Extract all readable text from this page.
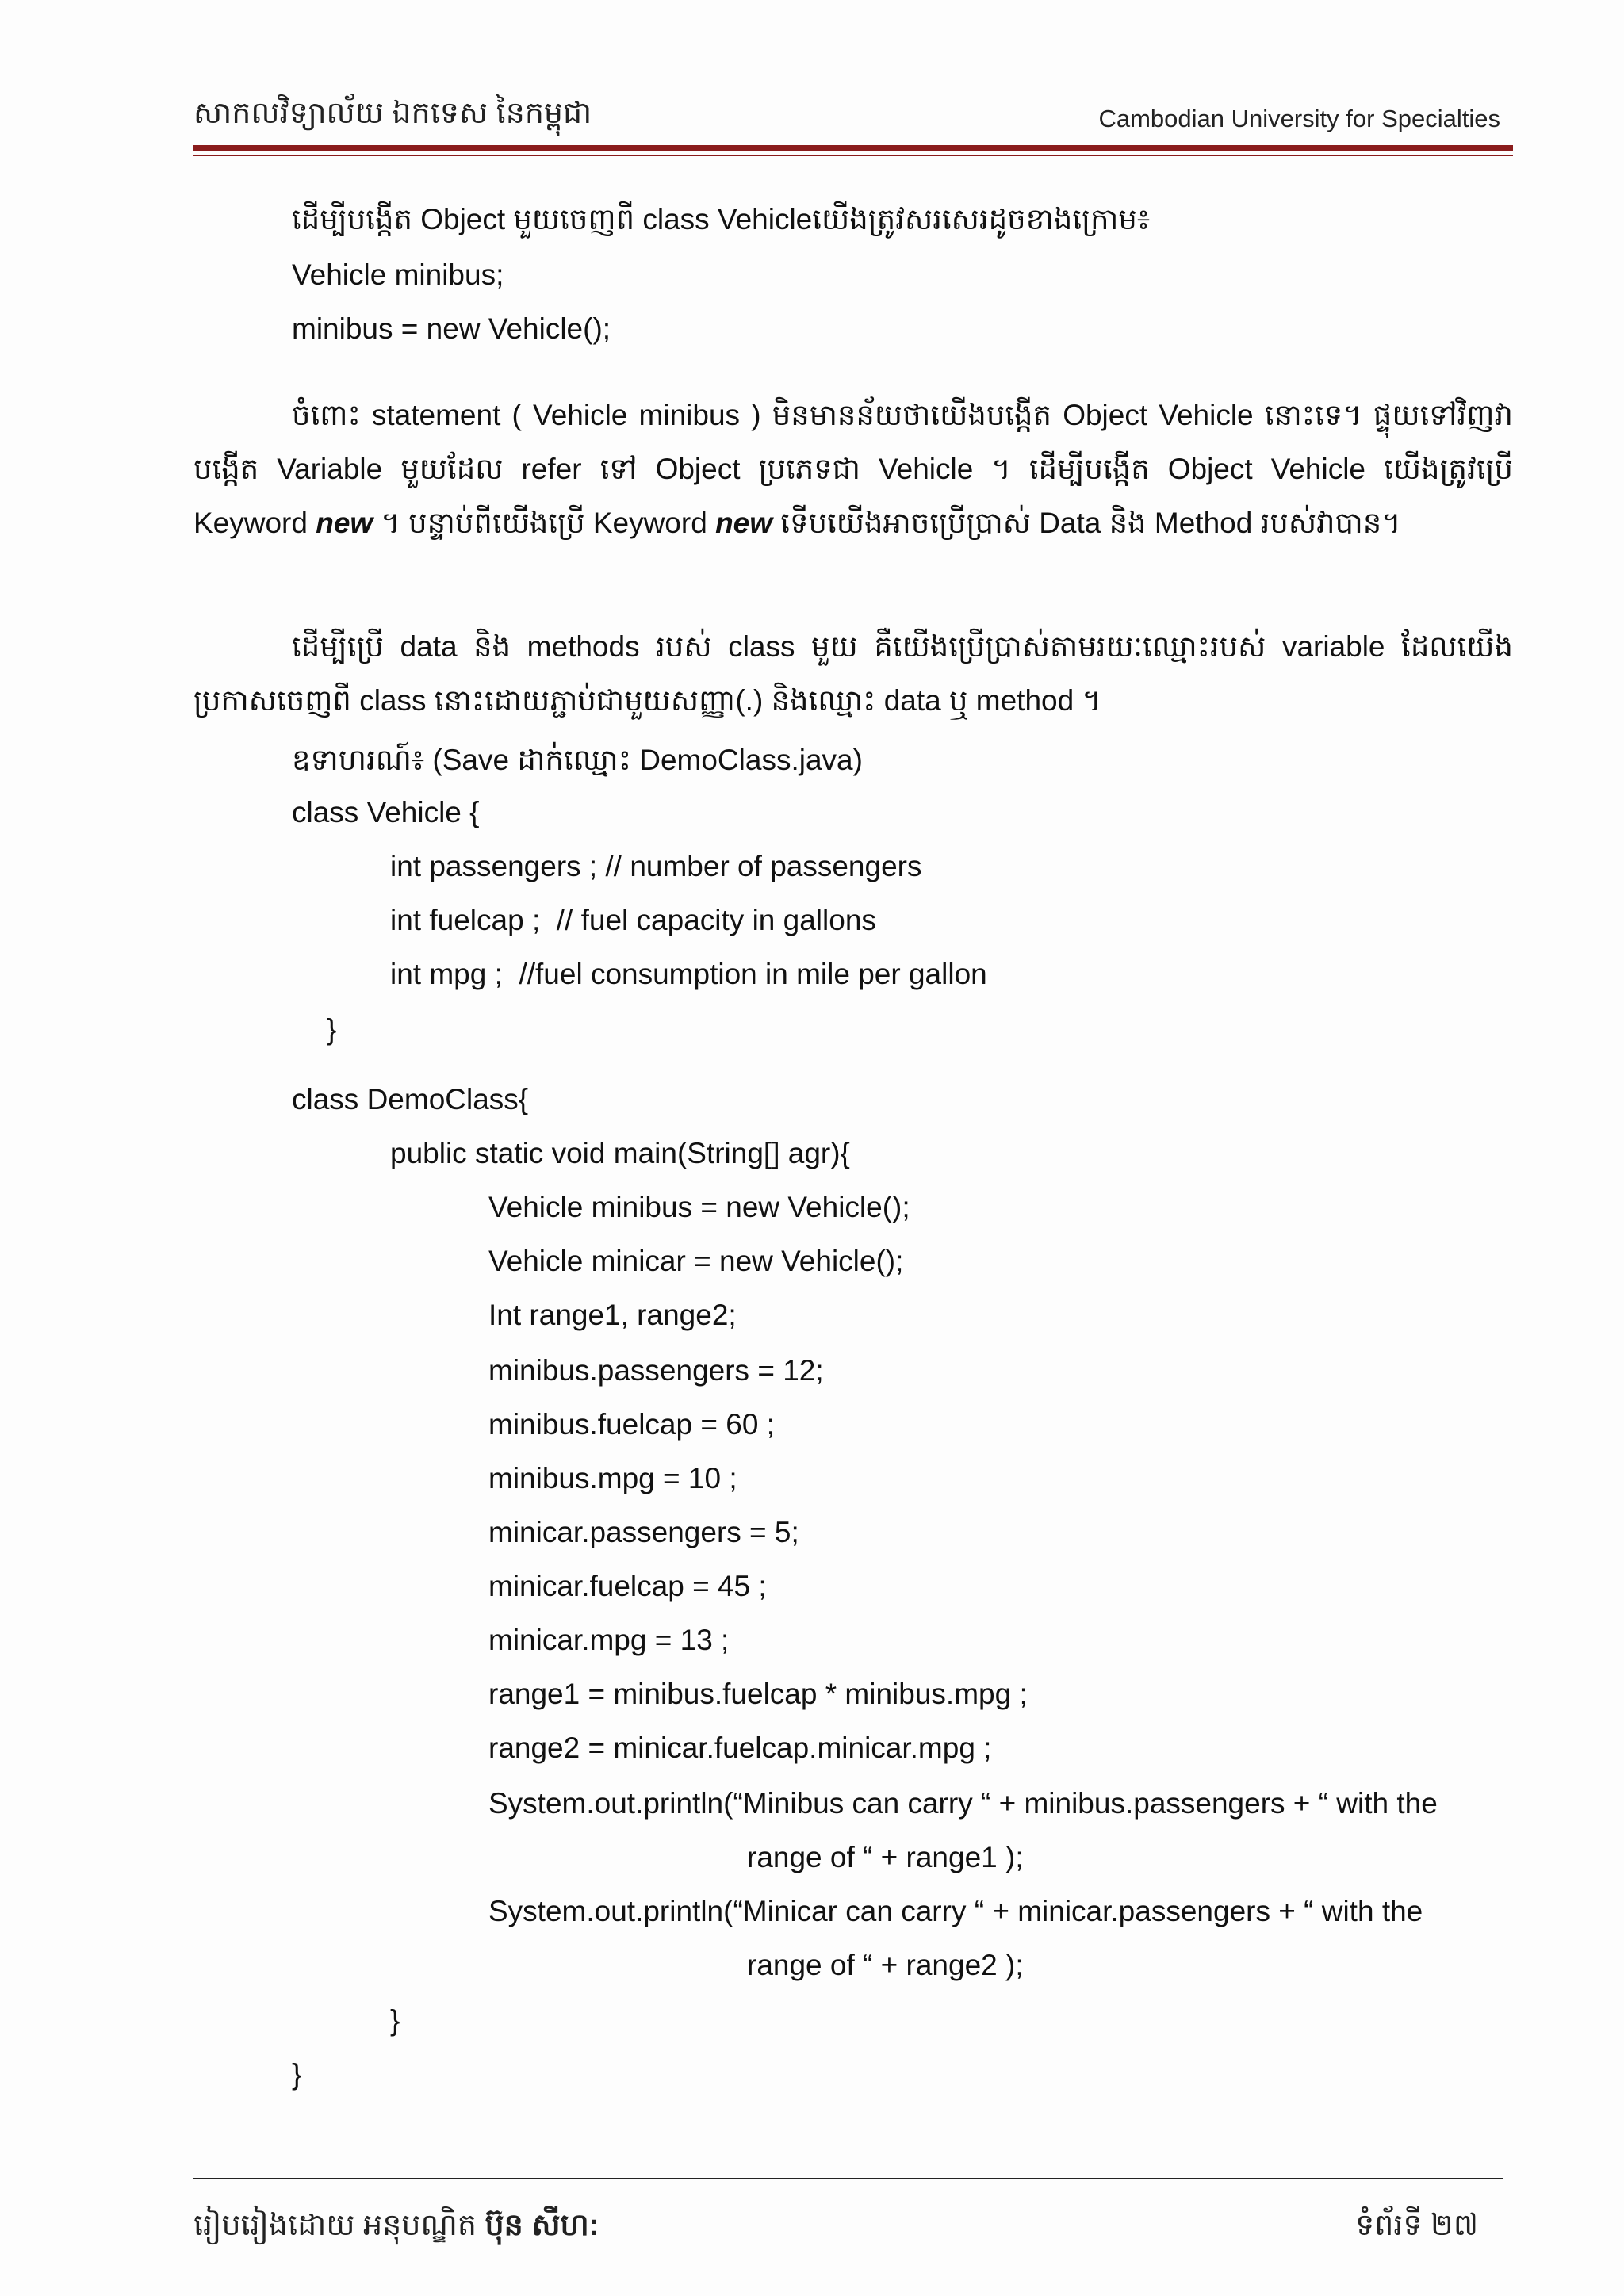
សាកលវិទ្យាល័យ ឯកទេស នៃកម្ពុជា	Cambodian University for Specialties
ដើម្បីបង្កើត Object មួយចេញពី class Vehicleយើងត្រូវសរសេរដូចខាងក្រោម៖
Vehicle minibus;
minibus = new Vehicle();
ចំពោះ statement ( Vehicle minibus ) មិនមានន័យថាយើងបង្កើត Object Vehicle នោះទេ។ ផ្ទុយទៅវិញវាបង្កើត Variable មួយដែល refer ទៅ Object ប្រភេទជា Vehicle ។ ដើម្បីបង្កើត Object Vehicle យើងត្រូវប្រើ Keyword new ។ បន្ទាប់ពីយើងប្រើ Keyword new ទើបយើងអាចប្រើប្រាស់ Data និង Method របស់វាបាន។
ដើម្បីប្រើ data និង methods របស់ class មួយ គឺយើងប្រើប្រាស់តាមរយៈឈ្មោះរបស់ variable ដែលយើងប្រកាសចេញពី class នោះដោយភ្ជាប់ជាមួយសញ្ញា(.) និងឈ្មោះ data ឬ method ។
ឧទាហរណ៍៖ (Save ដាក់ឈ្មោះ DemoClass.java)
class Vehicle {
int passengers ; // number of passengers
int fuelcap ;  // fuel capacity in gallons
int mpg ;  //fuel consumption in mile per gallon
}
class DemoClass{
public static void main(String[] agr){
Vehicle minibus = new Vehicle();
Vehicle minicar = new Vehicle();
Int range1, range2;
minibus.passengers = 12;
minibus.fuelcap = 60 ;
minibus.mpg = 10 ;
minicar.passengers = 5;
minicar.fuelcap = 45 ;
minicar.mpg = 13 ;
range1 = minibus.fuelcap * minibus.mpg ;
range2 = minicar.fuelcap.minicar.mpg ;
System.out.println(“Minibus can carry “ + minibus.passengers + “ with the
range of “ + range1 );
System.out.println(“Minicar can carry “ + minicar.passengers + “ with the
range of “ + range2 );
}
}
រៀបរៀងដោយ អនុបណ្ឌិត ប៊ុន សីហ:	ទំព័រទី ២៧
